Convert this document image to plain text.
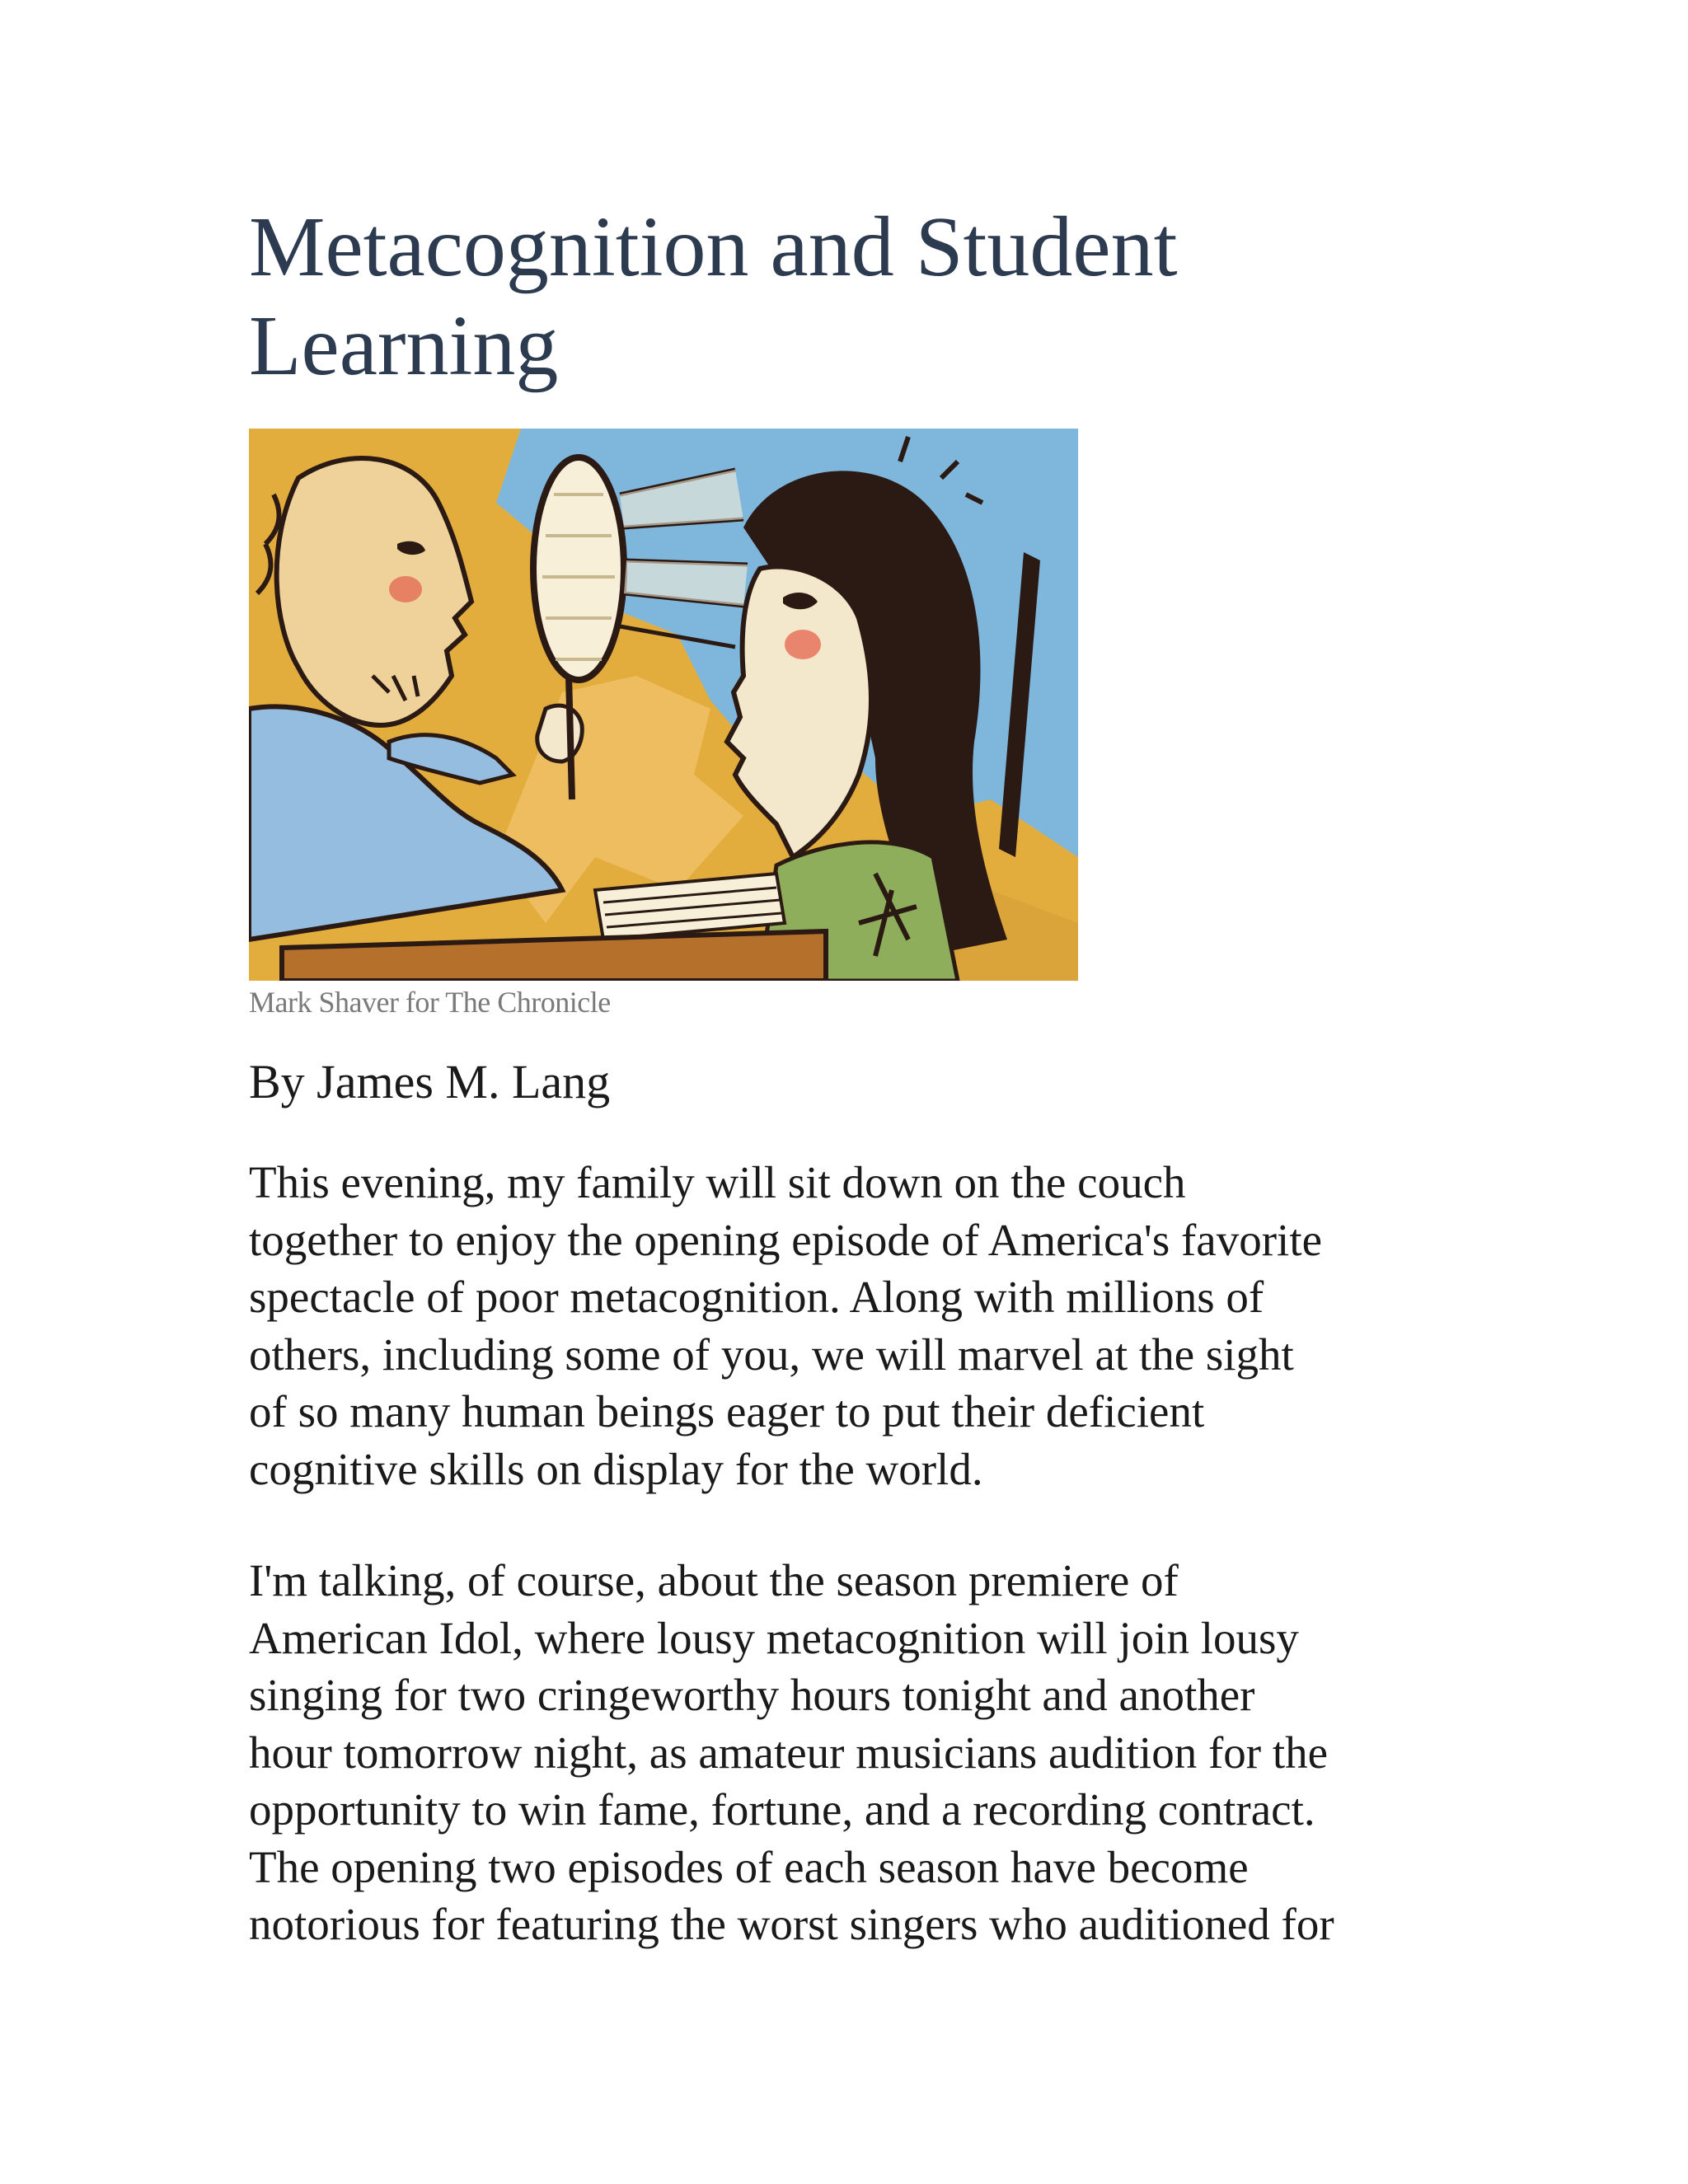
Metacognition and Student Learning
Mark Shaver for The Chronicle
By James M. Lang

This evening, my family will sit down on the couch
together to enjoy the opening episode of America's favorite
spectacle of poor metacognition. Along with millions of
others, including some of you, we will marvel at the sight
of so many human beings eager to put their deficient
cognitive skills on display for the world.

I'm talking, of course, about the season premiere of
American Idol, where lousy metacognition will join lousy
singing for two cringeworthy hours tonight and another
hour tomorrow night, as amateur musicians audition for the
opportunity to win fame, fortune, and a recording contract.
The opening two episodes of each season have become
notorious for featuring the worst singers who auditioned for
